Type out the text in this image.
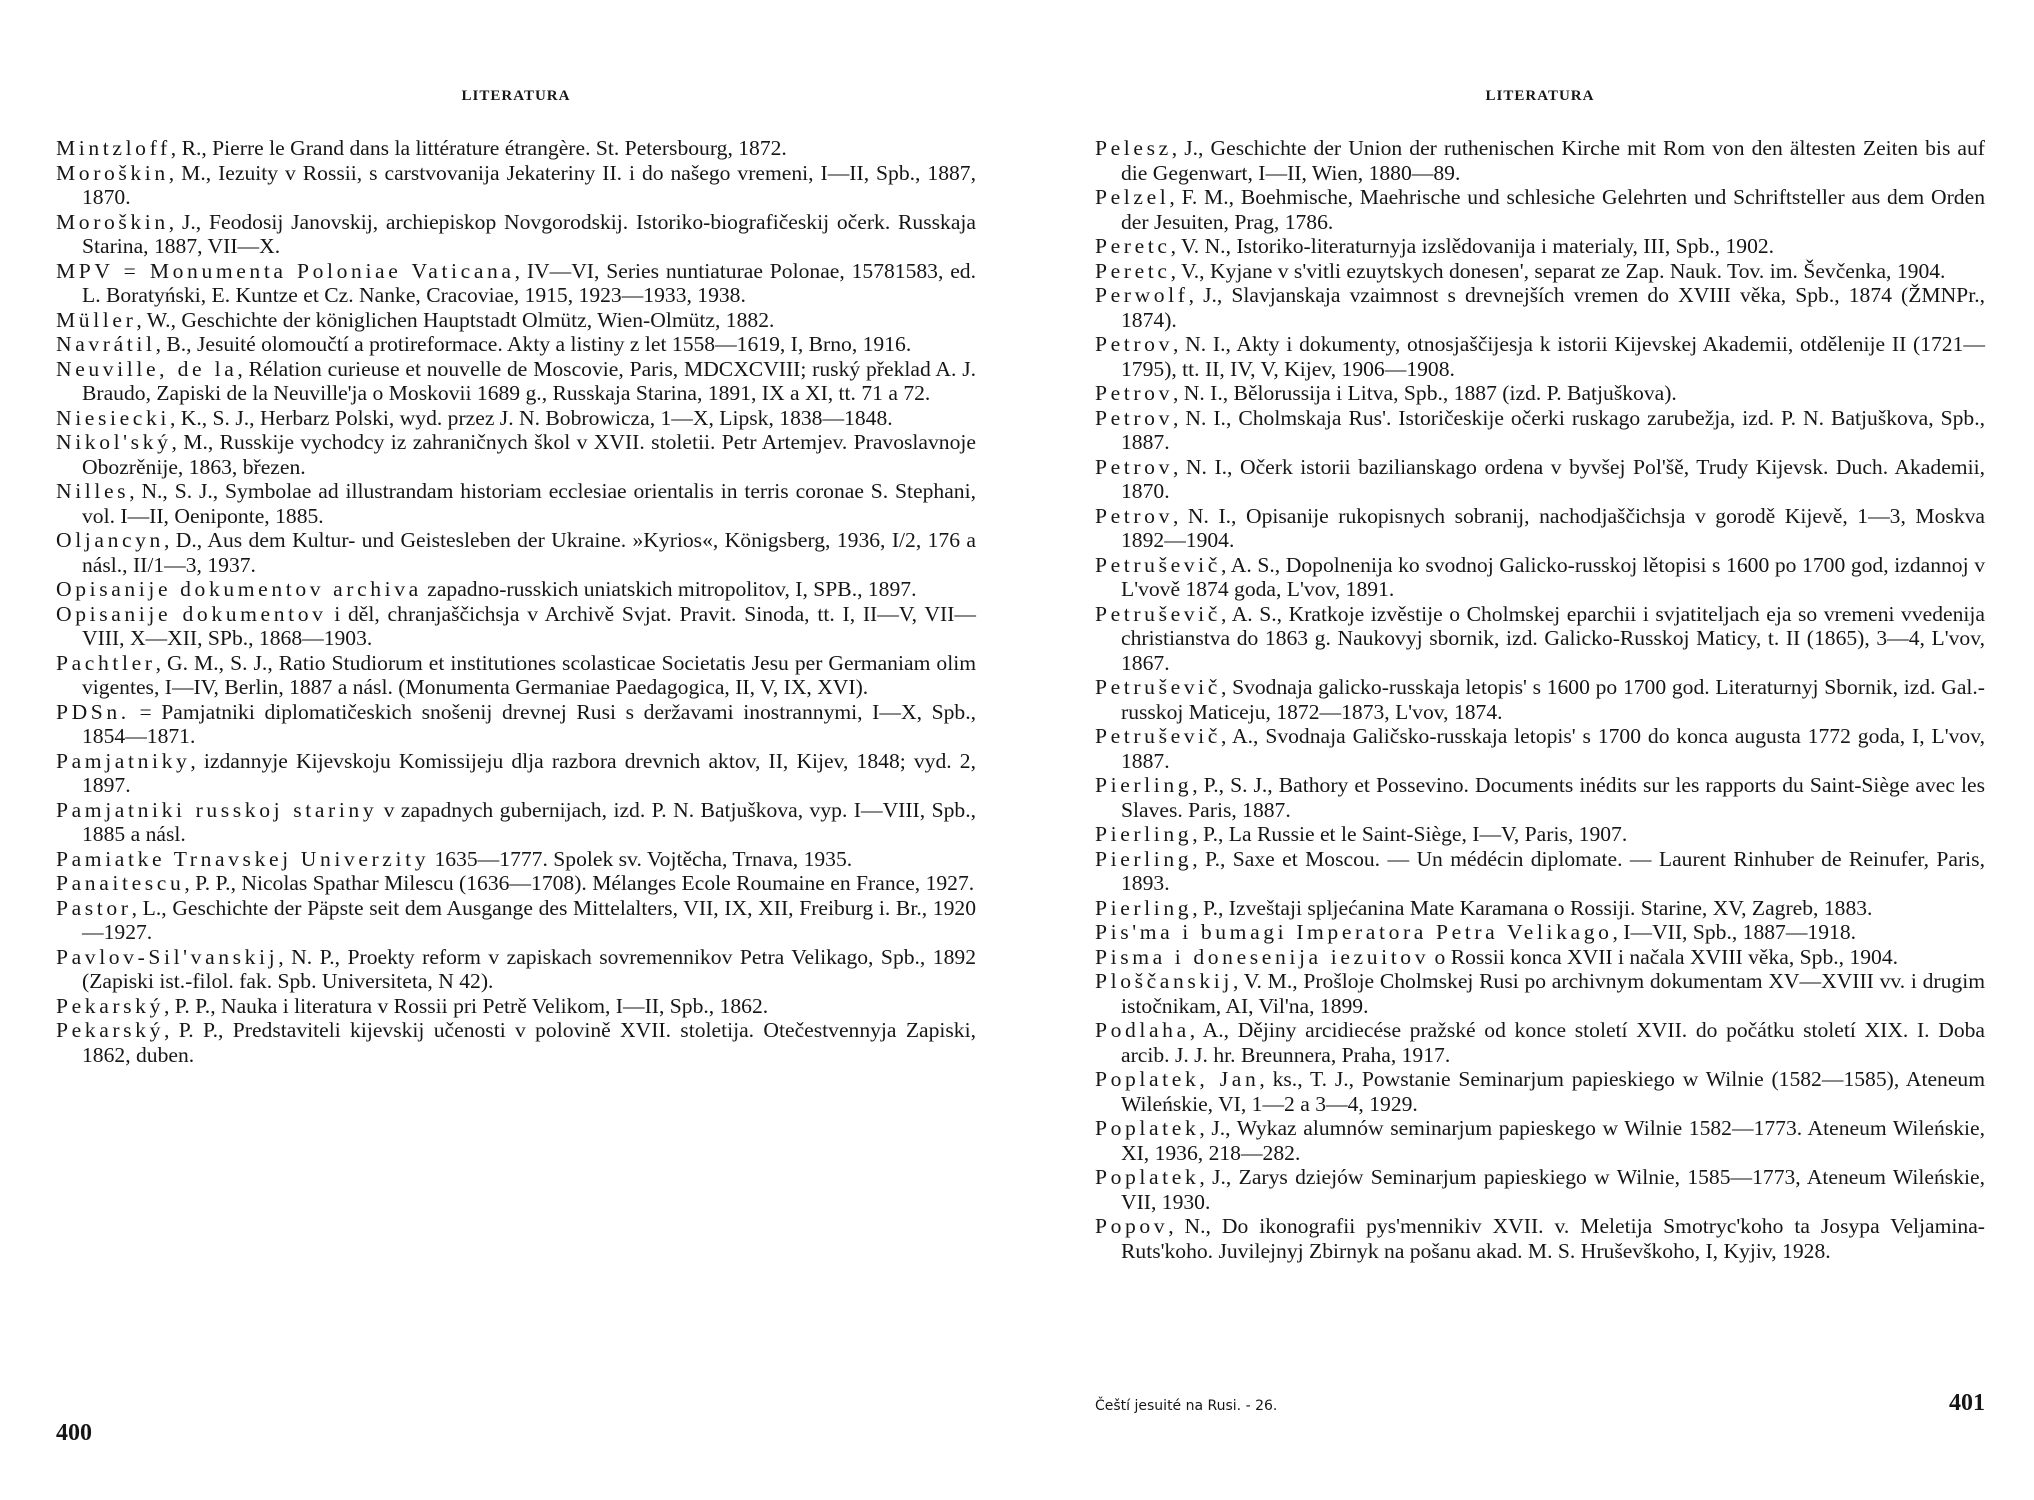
LITERATURA

Mintzloff, R., Pierre le Grand dans la littérature étrangère. St. Petersbourg, 1872.

Moroškin, M., Iezuity v Rossii, s carstvovanija Jekateriny II. i do našego vremeni, I—II, Spb., 1887, 1870.

Moroškin, J., Feodosij Janovskij, archiepiskop Novgorodskij. Istoriko-biografičeskij očerk. Russkaja Starina, 1887, VII—X.

MPV = Monumenta Poloniae Vaticana, IV—VI, Series nuntiaturae Polonae, 15781583, ed. L. Boratyński, E. Kuntze et Cz. Nanke, Cracoviae, 1915, 1923—1933, 1938.

Müller, W., Geschichte der königlichen Hauptstadt Olmütz, Wien-Olmütz, 1882.

Navrátil, B., Jesuité olomoučtí a protireformace. Akty a listiny z let 1558—1619, I, Brno, 1916.

Neuville, de la, Rélation curieuse et nouvelle de Moscovie, Paris, MDCXCVIII; ruský překlad A. J. Braudo, Zapiski de la Neuville'ja o Moskovii 1689 g., Russkaja Starina, 1891, IX a XI, tt. 71 a 72.

Niesiecki, K., S. J., Herbarz Polski, wyd. przez J. N. Bobrowicza, 1—X, Lipsk, 1838—1848.

Nikol'ský, M., Russkije vychodcy iz zahraničnych škol v XVII. stoletii. Petr Artemjev. Pravoslavnoje Obozrěnije, 1863, březen.

Nilles, N., S. J., Symbolae ad illustrandam historiam ecclesiae orientalis in terris coronae S. Stephani, vol. I—II, Oeniponte, 1885.

Oljancyn, D., Aus dem Kultur- und Geistesleben der Ukraine. »Kyrios«, Königsberg, 1936, I/2, 176 a násl., II/1—3, 1937.

Opisanije dokumentov archiva zapadno-russkich uniatskich mitropolitov, I, SPB., 1897.

Opisanije dokumentov i děl, chranjaščichsja v Archivě Svjat. Pravit. Sinoda, tt. I, II—V, VII—VIII, X—XII, SPb., 1868—1903.

Pachtler, G. M., S. J., Ratio Studiorum et institutiones scolasticae Societatis Jesu per Germaniam olim vigentes, I—IV, Berlin, 1887 a násl. (Monumenta Germaniae Paedagogica, II, V, IX, XVI).

PDSn. = Pamjatniki diplomatičeskich snošenij drevnej Rusi s deržavami inostrannymi, I—X, Spb., 1854—1871.

Pamjatniky, izdannyje Kijevskoju Komissijeju dlja razbora drevnich aktov, II, Kijev, 1848; vyd. 2, 1897.

Pamjatniki russkoj stariny v zapadnych gubernijach, izd. P. N. Batjuškova, vyp. I—VIII, Spb., 1885 a násl.

Pamiatke Trnavskej Univerzity 1635—1777. Spolek sv. Vojtěcha, Trnava, 1935.

Panaitescu, P. P., Nicolas Spathar Milescu (1636—1708). Mélanges Ecole Roumaine en France, 1927.

Pastor, L., Geschichte der Päpste seit dem Ausgange des Mittelalters, VII, IX, XII, Freiburg i. Br., 1920—1927.

Pavlov-Sil'vanskij, N. P., Proekty reform v zapiskach sovremennikov Petra Velikago, Spb., 1892 (Zapiski ist.-filol. fak. Spb. Universiteta, N 42).

Pekarský, P. P., Nauka i literatura v Rossii pri Petrě Velikom, I—II, Spb., 1862.

Pekarský, P. P., Predstaviteli kijevskij učenosti v polovině XVII. stoletija. Otečestvennyja Zapiski, 1862, duben.

400
LITERATURA

Pelesz, J., Geschichte der Union der ruthenischen Kirche mit Rom von den ältesten Zeiten bis auf die Gegenwart, I—II, Wien, 1880—89.

Pelzel, F. M., Boehmische, Maehrische und schlesiche Gelehrten und Schriftsteller aus dem Orden der Jesuiten, Prag, 1786.

Peretc, V. N., Istoriko-literaturnyja izslědovanija i materialy, III, Spb., 1902.

Peretc, V., Kyjane v s'vitli ezuytskych donesen', separat ze Zap. Nauk. Tov. im. Ševčenka, 1904.

Perwolf, J., Slavjanskaja vzaimnost s drevnejších vremen do XVIII věka, Spb., 1874 (ŽMNPr., 1874).

Petrov, N. I., Akty i dokumenty, otnosjaščijesja k istorii Kijevskej Akademii, otdělenije II (1721—1795), tt. II, IV, V, Kijev, 1906—1908.

Petrov, N. I., Bělorussija i Litva, Spb., 1887 (izd. P. Batjuškova).

Petrov, N. I., Cholmskaja Rus'. Istoričeskije očerki ruskago zarubežja, izd. P. N. Batjuškova, Spb., 1887.

Petrov, N. I., Očerk istorii bazilianskago ordena v byvšej Pol'šě, Trudy Kijevsk. Duch. Akademii, 1870.

Petrov, N. I., Opisanije rukopisnych sobranij, nachodjaščichsja v gorodě Kijevě, 1—3, Moskva 1892—1904.

Petruševič, A. S., Dopolnenija ko svodnoj Galicko-russkoj lětopisi s 1600 po 1700 god, izdannoj v L'vově 1874 goda, L'vov, 1891.

Petruševič, A. S., Kratkoje izvěstije o Cholmskej eparchii i svjatiteljach eja so vremeni vvedenija christianstva do 1863 g. Naukovyj sbornik, izd. Galicko-Russkoj Maticy, t. II (1865), 3—4, L'vov, 1867.

Petruševič, Svodnaja galicko-russkaja letopis' s 1600 po 1700 god. Literaturnyj Sbornik, izd. Gal.-russkoj Maticeju, 1872—1873, L'vov, 1874.

Petruševič, A., Svodnaja Galičsko-russkaja letopis' s 1700 do konca augusta 1772 goda, I, L'vov, 1887.

Pierling, P., S. J., Bathory et Possevino. Documents inédits sur les rapports du Saint-Siège avec les Slaves. Paris, 1887.

Pierling, P., La Russie et le Saint-Siège, I—V, Paris, 1907.

Pierling, P., Saxe et Moscou. — Un médécin diplomate. — Laurent Rinhuber de Reinufer, Paris, 1893.

Pierling, P., Izveštaji spljećanina Mate Karamana o Rossiji. Starine, XV, Zagreb, 1883.

Pis'ma i bumagi Imperatora Petra Velikago, I—VII, Spb., 1887—1918.

Pisma i donesenija iezuitov o Rossii konca XVII i načala XVIII věka, Spb., 1904.

Ploščanskij, V. M., Prošloje Cholmskej Rusi po archivnym dokumentam XV—XVIII vv. i drugim istočnikam, AI, Vil'na, 1899.

Podlaha, A., Dějiny arcidiecése pražské od konce století XVII. do počátku století XIX. I. Doba arcib. J. J. hr. Breunnera, Praha, 1917.

Poplatek, Jan, ks., T. J., Powstanie Seminarjum papieskiego w Wilnie (1582—1585), Ateneum Wileńskie, VI, 1—2 a 3—4, 1929.

Poplatek, J., Wykaz alumnów seminarjum papieskego w Wilnie 1582—1773. Ateneum Wileńskie, XI, 1936, 218—282.

Poplatek, J., Zarys dziejów Seminarjum papieskiego w Wilnie, 1585—1773, Ateneum Wileńskie, VII, 1930.

Popov, N., Do ikonografii pys'mennikiv XVII. v. Meletija Smotryc'koho ta Josypa Veljamina-Ruts'koho. Juvilejnyj Zbirnyk na pošanu akad. M. S. Hruševškoho, I, Kyjiv, 1928.

Čeští jesuité na Rusi. - 26.	401
